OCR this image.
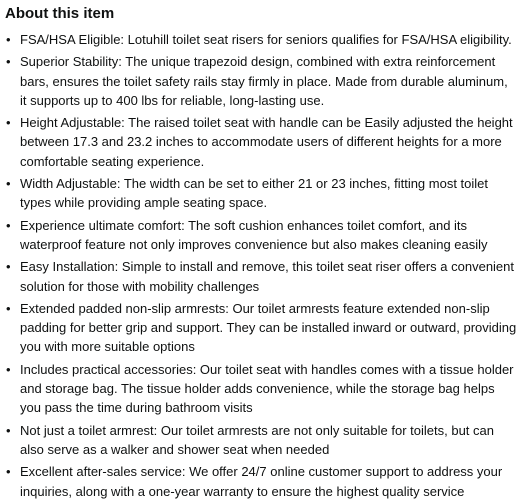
About this item
• FSA/HSA Eligible: Lotuhill toilet seat risers for seniors qualifies for FSA/HSA eligibility.
• Superior Stability: The unique trapezoid design, combined with extra reinforcement bars, ensures the toilet safety rails stay firmly in place. Made from durable aluminum, it supports up to 400 lbs for reliable, long-lasting use.
• Height Adjustable: The raised toilet seat with handle can be Easily adjusted the height between 17.3 and 23.2 inches to accommodate users of different heights for a more comfortable seating experience.
• Width Adjustable: The width can be set to either 21 or 23 inches, fitting most toilet types while providing ample seating space.
• Experience ultimate comfort: The soft cushion enhances toilet comfort, and its waterproof feature not only improves convenience but also makes cleaning easily
• Easy Installation: Simple to install and remove, this toilet seat riser offers a convenient solution for those with mobility challenges
• Extended padded non-slip armrests: Our toilet armrests feature extended non-slip padding for better grip and support. They can be installed inward or outward, providing you with more suitable options
• Includes practical accessories: Our toilet seat with handles comes with a tissue holder and storage bag. The tissue holder adds convenience, while the storage bag helps you pass the time during bathroom visits
• Not just a toilet armrest: Our toilet armrests are not only suitable for toilets, but can also serve as a walker and shower seat when needed
• Excellent after-sales service: We offer 24/7 online customer support to address your inquiries, along with a one-year warranty to ensure the highest quality service
